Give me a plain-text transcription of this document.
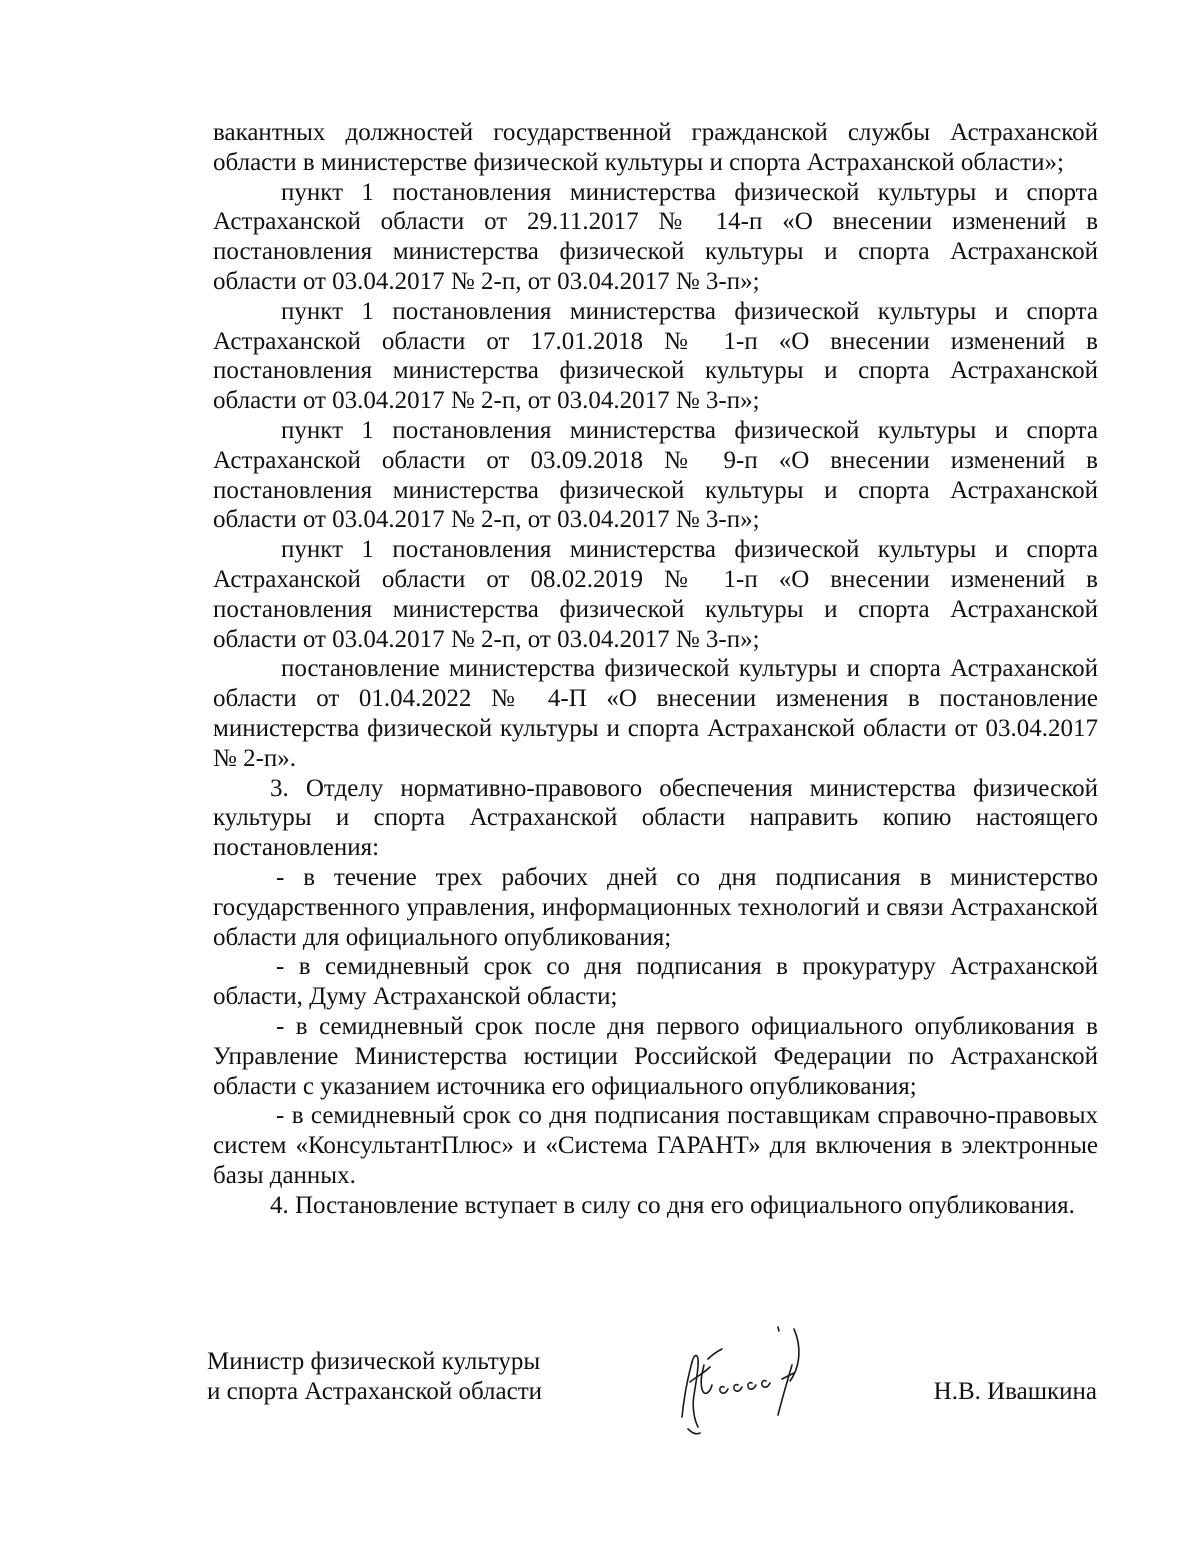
вакантных должностей государственной гражданской службы Астраханской области в министерстве физической культуры и спорта Астраханской области»;

пункт 1 постановления министерства физической культуры и спорта Астраханской области от 29.11.2017 № 14-п «О внесении изменений в постановления министерства физической культуры и спорта Астраханской области от 03.04.2017 № 2-п, от 03.04.2017 № 3-п»;

пункт 1 постановления министерства физической культуры и спорта Астраханской области от 17.01.2018 № 1-п «О внесении изменений в постановления министерства физической культуры и спорта Астраханской области от 03.04.2017 № 2-п, от 03.04.2017 № 3-п»;

пункт 1 постановления министерства физической культуры и спорта Астраханской области от 03.09.2018 № 9-п «О внесении изменений в постановления министерства физической культуры и спорта Астраханской области от 03.04.2017 № 2-п, от 03.04.2017 № 3-п»;

пункт 1 постановления министерства физической культуры и спорта Астраханской области от 08.02.2019 № 1-п «О внесении изменений в постановления министерства физической культуры и спорта Астраханской области от 03.04.2017 № 2-п, от 03.04.2017 № 3-п»;

постановление министерства физической культуры и спорта Астраханской области от 01.04.2022 № 4-П «О внесении изменения в постановление министерства физической культуры и спорта Астраханской области от 03.04.2017 № 2-п».

3. Отделу нормативно-правового обеспечения министерства физической культуры и спорта Астраханской области направить копию настоящего постановления:

- в течение трех рабочих дней со дня подписания в министерство государственного управления, информационных технологий и связи Астраханской области для официального опубликования;

- в семидневный срок со дня подписания в прокуратуру Астраханской области, Думу Астраханской области;

- в семидневный срок после дня первого официального опубликования в Управление Министерства юстиции Российской Федерации по Астраханской области с указанием источника его официального опубликования;

- в семидневный срок со дня подписания поставщикам справочно-правовых систем «КонсультантПлюс» и «Система ГАРАНТ» для включения в электронные базы данных.

4. Постановление вступает в силу со дня его официального опубликования.

Министр физической культуры
и спорта Астраханской области	Н.В. Ивашкина
